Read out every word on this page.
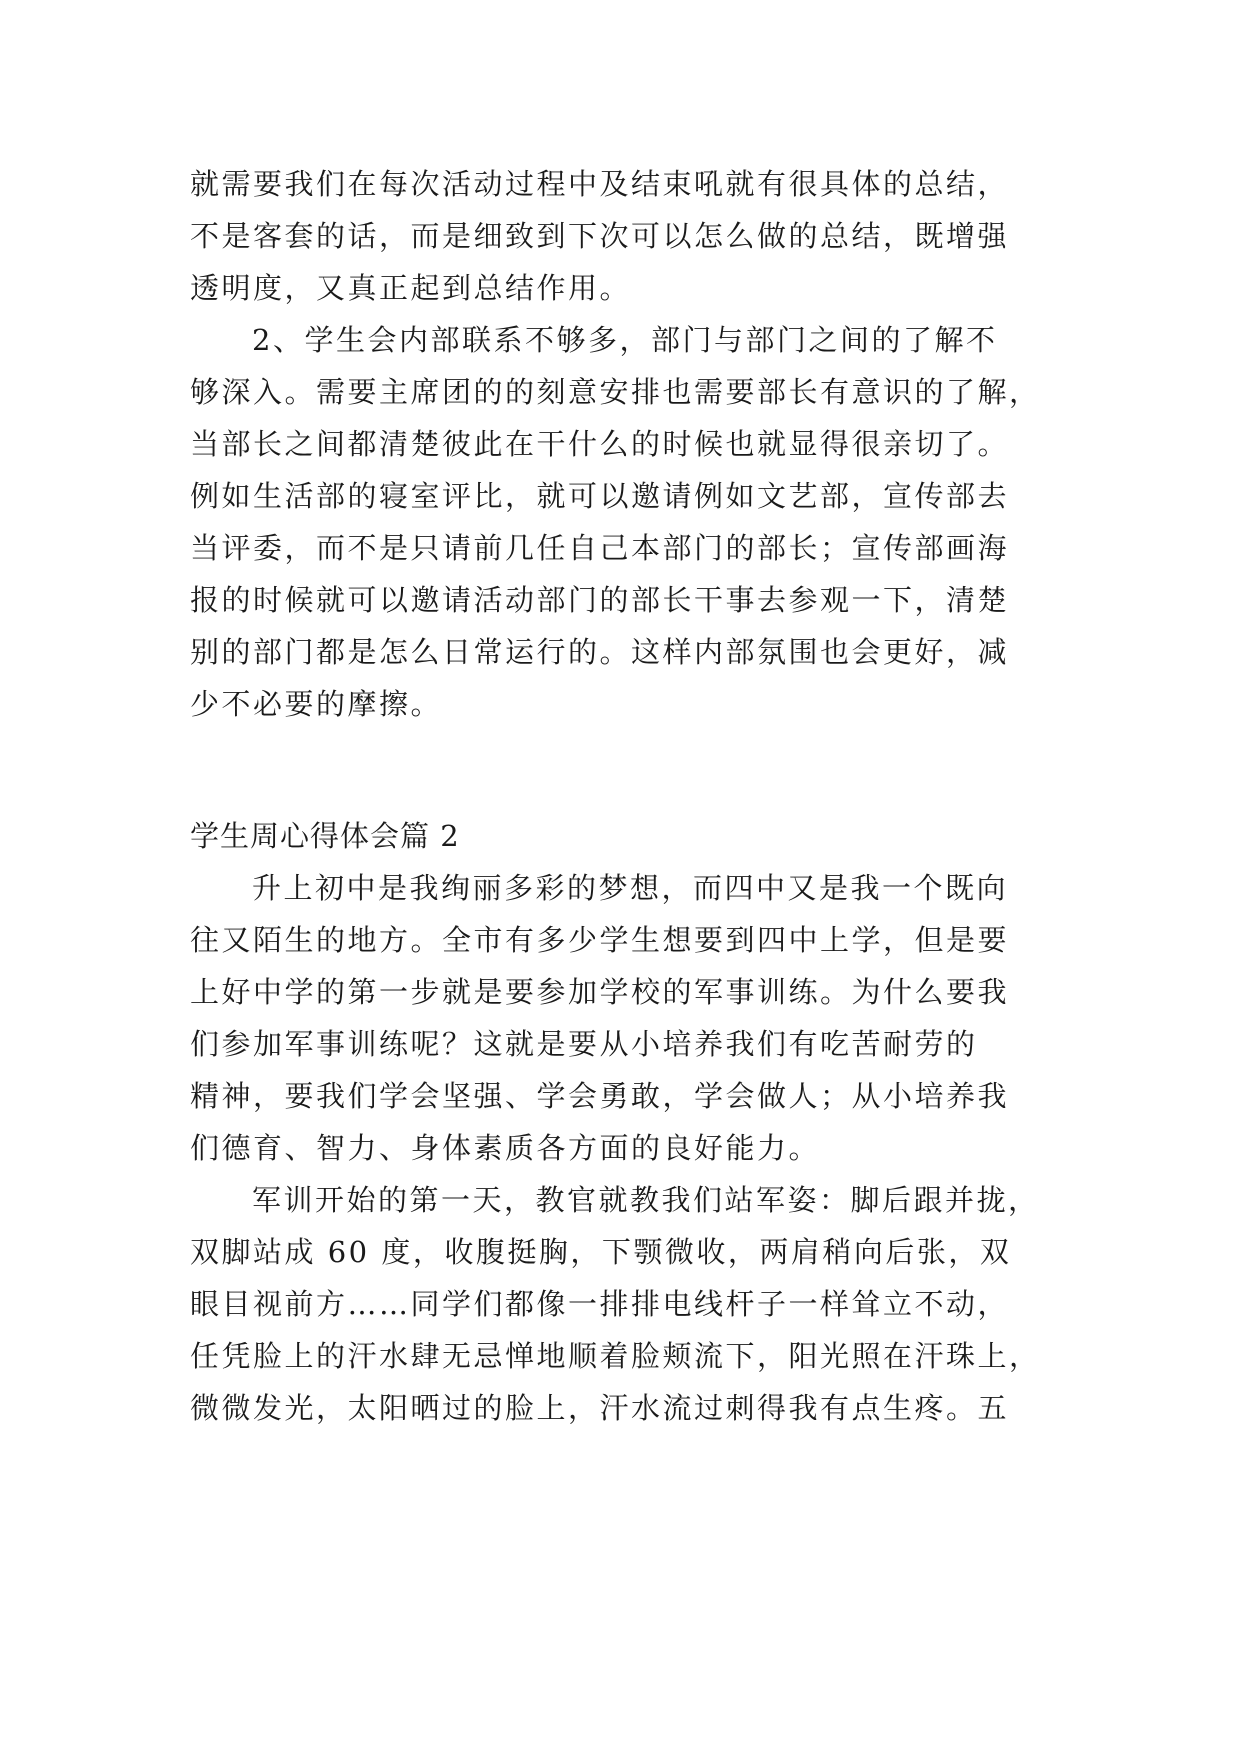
就需要我们在每次活动过程中及结束吼就有很具体的总结，
不是客套的话，而是细致到下次可以怎么做的总结，既增强
透明度，又真正起到总结作用。
2、学生会内部联系不够多，部门与部门之间的了解不
够深入。需要主席团的的刻意安排也需要部长有意识的了解，
当部长之间都清楚彼此在干什么的时候也就显得很亲切了。
例如生活部的寝室评比，就可以邀请例如文艺部，宣传部去
当评委，而不是只请前几任自己本部门的部长；宣传部画海
报的时候就可以邀请活动部门的部长干事去参观一下，清楚
别的部门都是怎么日常运行的。这样内部氛围也会更好，减
少不必要的摩擦。
学生周心得体会篇 2
升上初中是我绚丽多彩的梦想，而四中又是我一个既向
往又陌生的地方。全市有多少学生想要到四中上学，但是要
上好中学的第一步就是要参加学校的军事训练。为什么要我
们参加军事训练呢？这就是要从小培养我们有吃苦耐劳的
精神，要我们学会坚强、学会勇敢，学会做人；从小培养我
们德育、智力、身体素质各方面的良好能力。
军训开始的第一天，教官就教我们站军姿：脚后跟并拢，
双脚站成 60 度，收腹挺胸，下颚微收，两肩稍向后张，双
眼目视前方……同学们都像一排排电线杆子一样耸立不动，
任凭脸上的汗水肆无忌惮地顺着脸颊流下，阳光照在汗珠上，
微微发光，太阳晒过的脸上，汗水流过刺得我有点生疼。五
